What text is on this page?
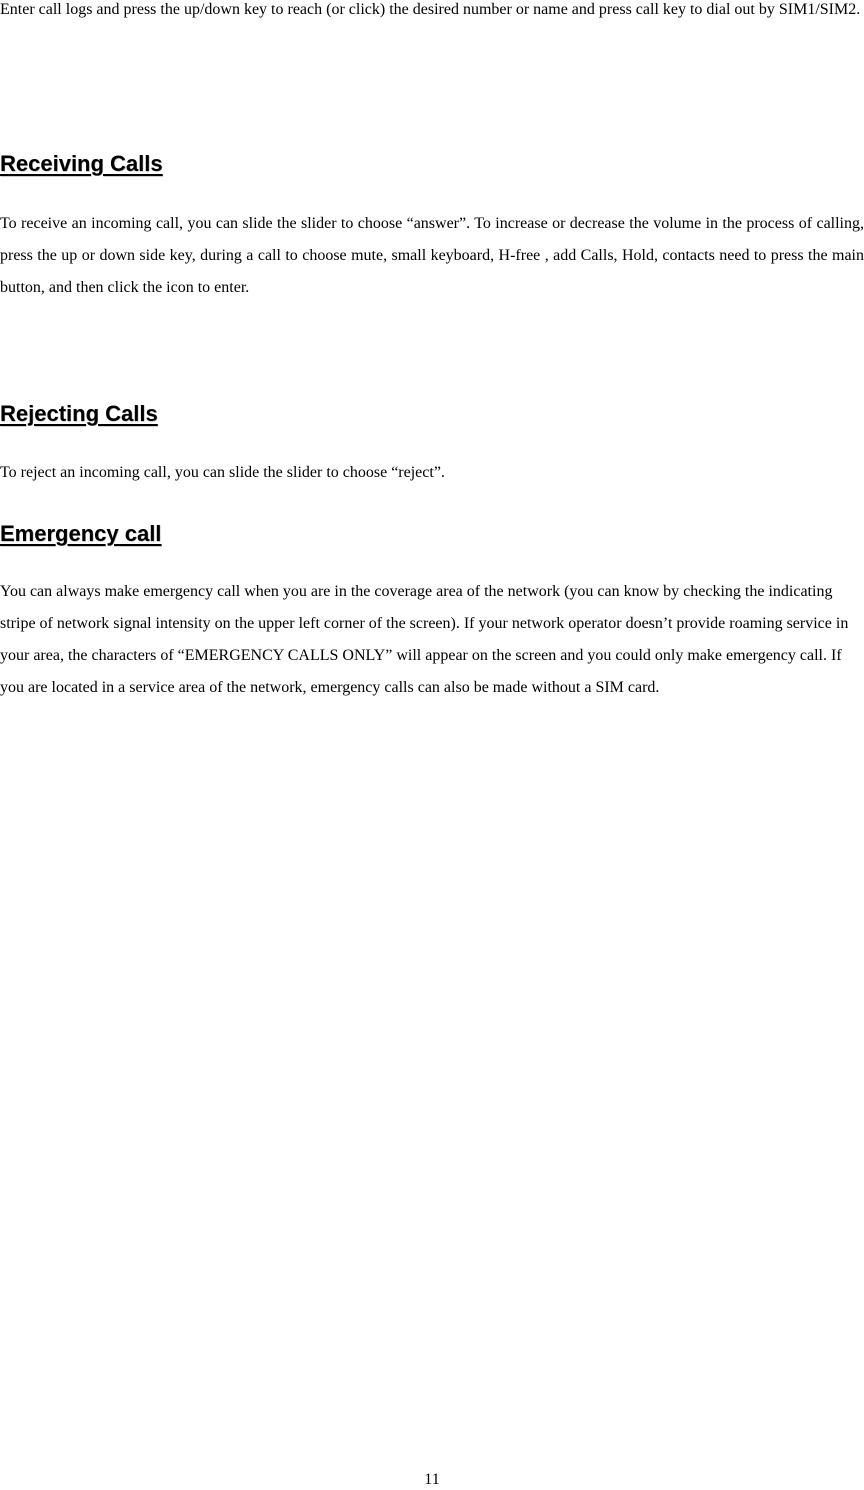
Enter call logs and press the up/down key to reach (or click) the desired number or name and press call key to dial out by SIM1/SIM2.

Receiving Calls

To receive an incoming call, you can slide the slider to choose “answer”. To increase or decrease the volume in the process of calling, press the up or down side key, during a call to choose mute, small keyboard, H-free , add Calls, Hold, contacts need to press the main button, and then click the icon to enter.

Rejecting Calls

To reject an incoming call, you can slide the slider to choose “reject”.

Emergency call

You can always make emergency call when you are in the coverage area of the network (you can know by checking the indicating stripe of network signal intensity on the upper left corner of the screen). If your network operator doesn’t provide roaming service in your area, the characters of “EMERGENCY CALLS ONLY” will appear on the screen and you could only make emergency call. If you are located in a service area of the network, emergency calls can also be made without a SIM card.

11
